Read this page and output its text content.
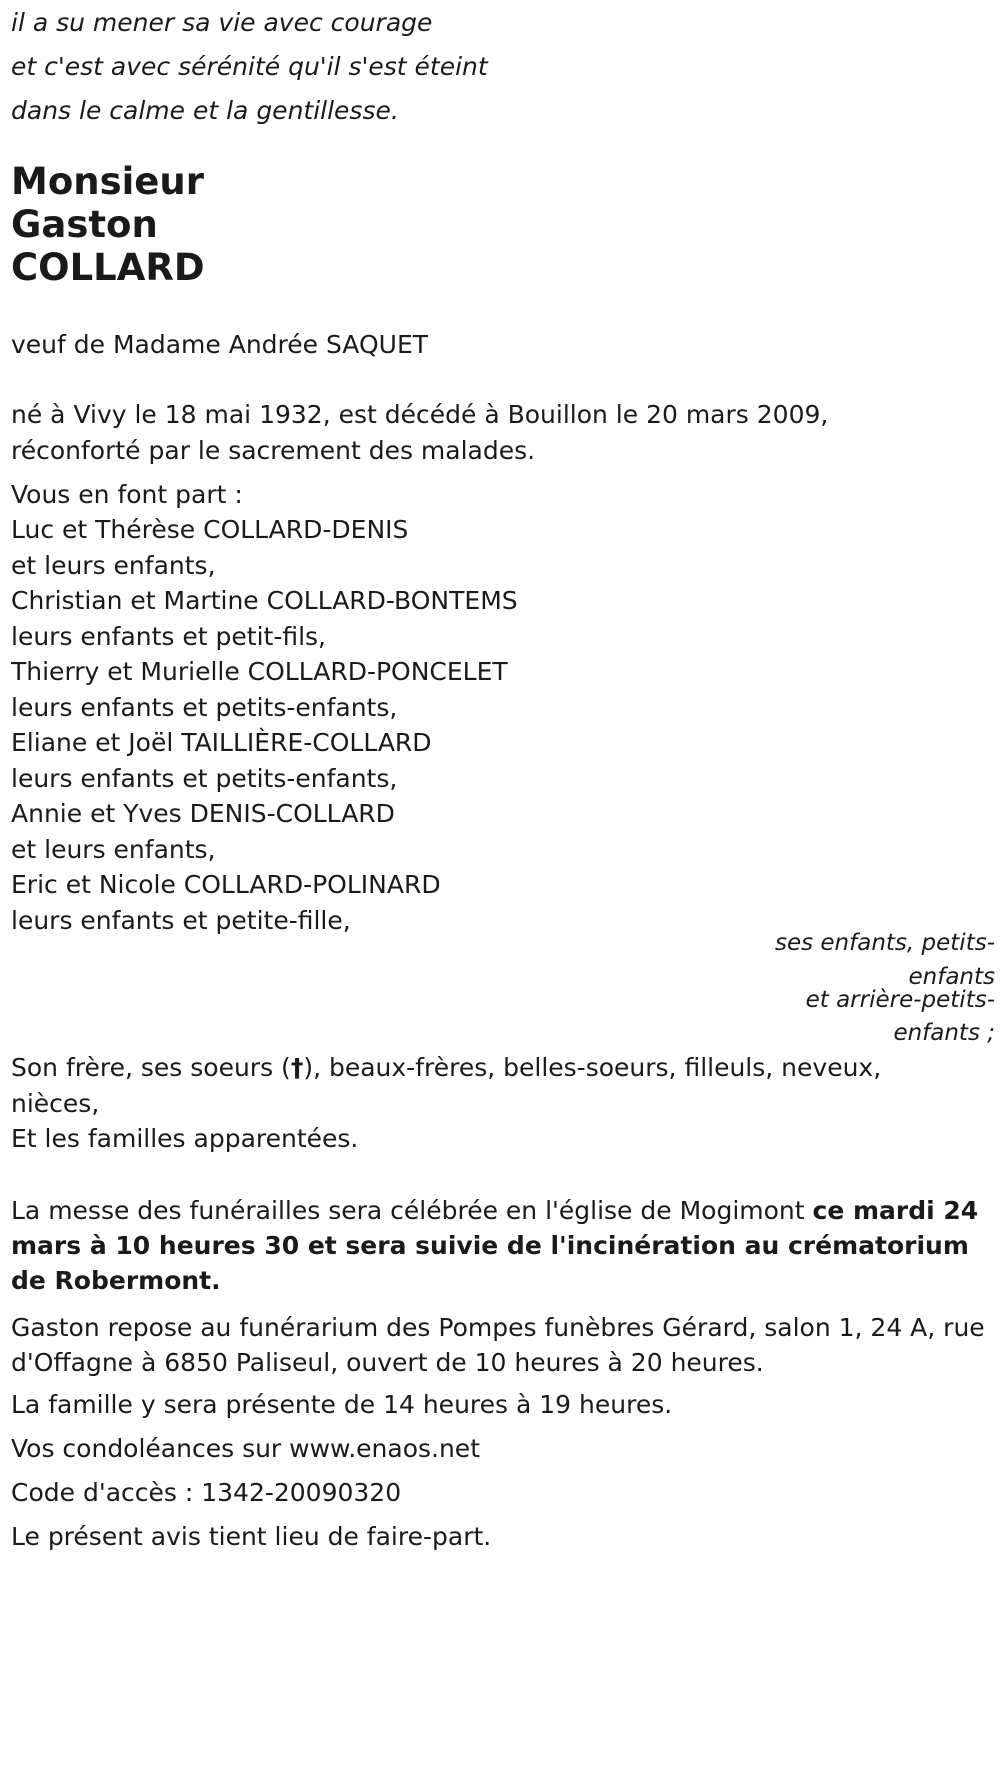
il a su mener sa vie avec courage
et c'est avec sérénité qu'il s'est éteint
dans le calme et la gentillesse.
Monsieur
Gaston
COLLARD
veuf de Madame Andrée SAQUET
né à Vivy le 18 mai 1932, est décédé à Bouillon le 20 mars 2009,
réconforté par le sacrement des malades.
Vous en font part :
Luc et Thérèse COLLARD-DENIS
et leurs enfants,
Christian et Martine COLLARD-BONTEMS
leurs enfants et petit-fils,
Thierry et Murielle COLLARD-PONCELET
leurs enfants et petits-enfants,
Eliane et Joël TAILLIÈRE-COLLARD
leurs enfants et petits-enfants,
Annie et Yves DENIS-COLLARD
et leurs enfants,
Eric et Nicole COLLARD-POLINARD
leurs enfants et petite-fille,
ses enfants, petits-
enfants
et arrière-petits-
enfants ;
Son frère, ses soeurs (†), beaux-frères, belles-soeurs, filleuls, neveux,
nièces,
Et les familles apparentées.
La messe des funérailles sera célébrée en l'église de Mogimont ce mardi 24 mars à 10 heures 30 et sera suivie de l'incinération au crématorium de Robermont.
Gaston repose au funérarium des Pompes funèbres Gérard, salon 1, 24 A, rue d'Offagne à 6850 Paliseul, ouvert de 10 heures à 20 heures.
La famille y sera présente de 14 heures à 19 heures.
Vos condoléances sur www.enaos.net
Code d'accès : 1342-20090320
Le présent avis tient lieu de faire-part.
